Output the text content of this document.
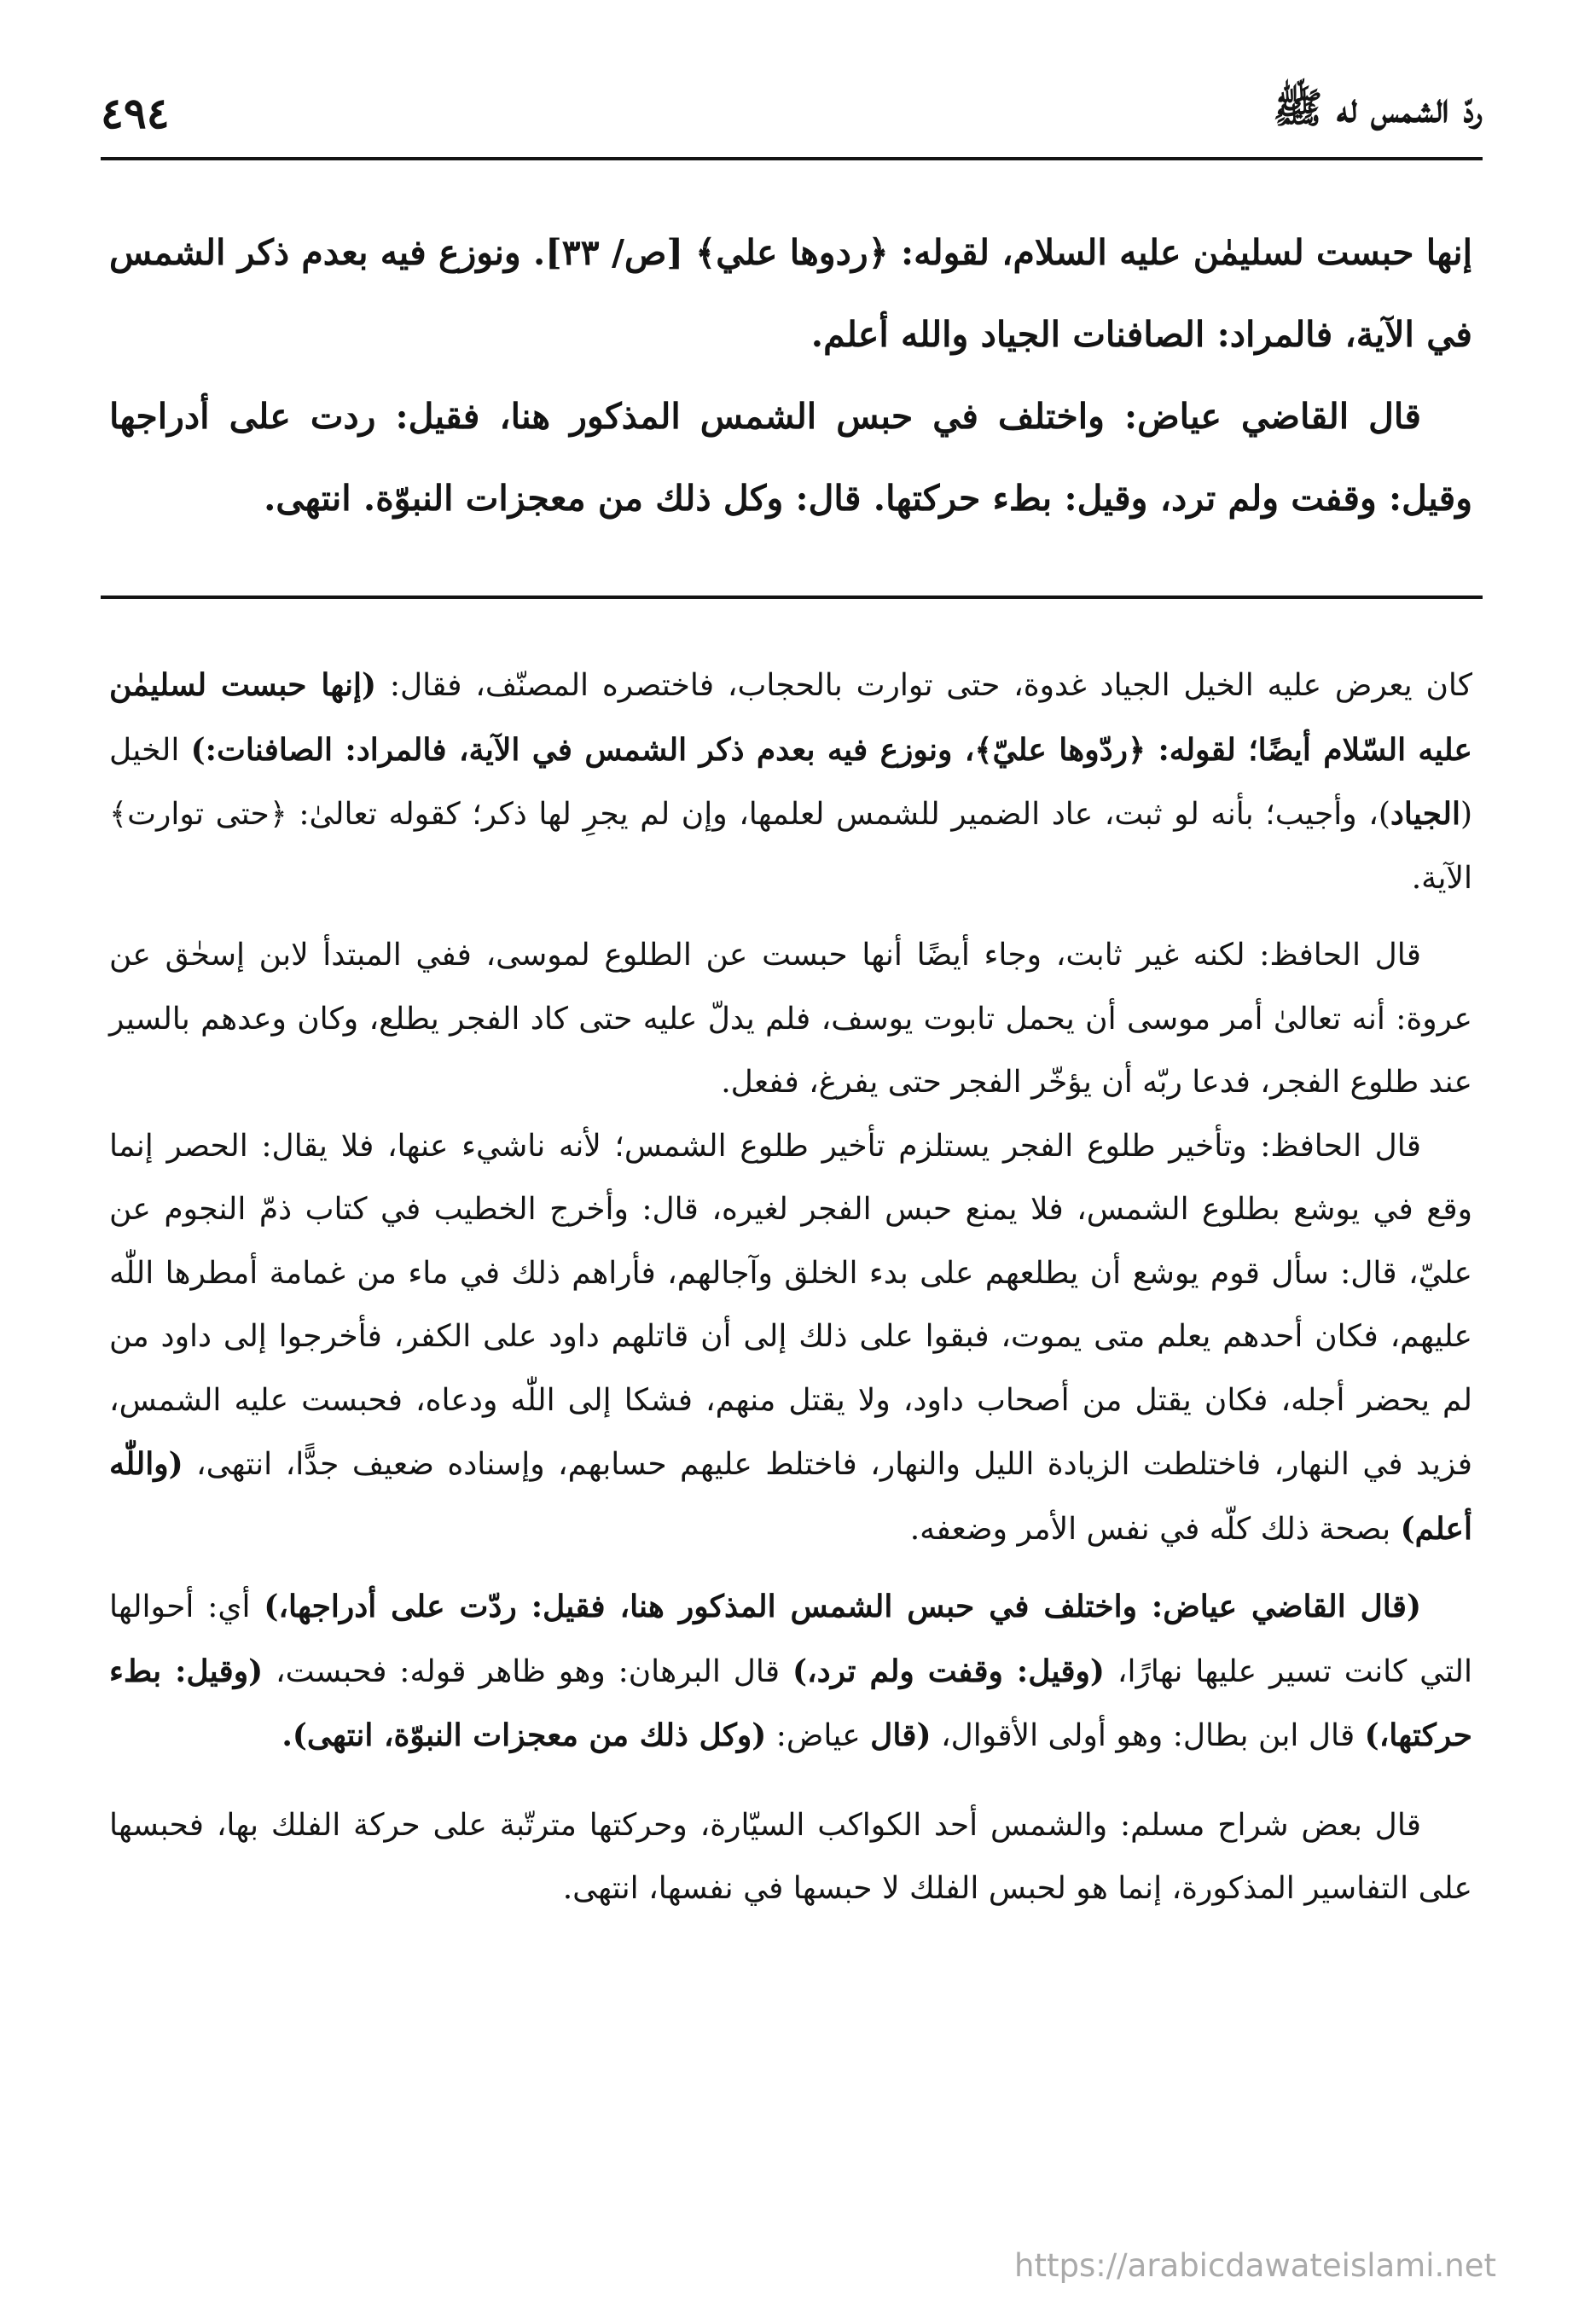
٤٩٤	ردّ الشمس له ﷺ

إنها حبست لسليمٰن عليه السلام، لقوله: ﴿ردوها علي﴾ [ص/ ٣٣]. ونوزع فيه بعدم ذكر الشمس في الآية، فالمراد: الصافنات الجياد والله أعلم.

قال القاضي عياض: واختلف في حبس الشمس المذكور هنا، فقيل: ردت على أدراجها وقيل: وقفت ولم ترد، وقيل: بطء حركتها. قال: وكل ذلك من معجزات النبوّة. انتهى.

كان يعرض عليه الخيل الجياد غدوة، حتى توارت بالحجاب، فاختصره المصنّف، فقال: (إنها حبست لسليمٰن عليه السّلام أيضًا؛ لقوله: ﴿ردّوها عليّ﴾، ونوزع فيه بعدم ذكر الشمس في الآية، فالمراد: الصافنات:) الخيل (الجياد)، وأجيب؛ بأنه لو ثبت، عاد الضمير للشمس لعلمها، وإن لم يجرِ لها ذكر؛ كقوله تعالىٰ: ﴿حتى توارت﴾ الآية.

قال الحافظ: لكنه غير ثابت، وجاء أيضًا أنها حبست عن الطلوع لموسى، ففي المبتدأ لابن إسحٰق عن عروة: أنه تعالىٰ أمر موسى أن يحمل تابوت يوسف، فلم يدلّ عليه حتى كاد الفجر يطلع، وكان وعدهم بالسير عند طلوع الفجر، فدعا ربّه أن يؤخّر الفجر حتى يفرغ، ففعل.

قال الحافظ: وتأخير طلوع الفجر يستلزم تأخير طلوع الشمس؛ لأنه ناشيء عنها، فلا يقال: الحصر إنما وقع في يوشع بطلوع الشمس، فلا يمنع حبس الفجر لغيره، قال: وأخرج الخطيب في كتاب ذمّ النجوم عن عليّ، قال: سأل قوم يوشع أن يطلعهم على بدء الخلق وآجالهم، فأراهم ذلك في ماء من غمامة أمطرها اللّٰه عليهم، فكان أحدهم يعلم متى يموت، فبقوا على ذلك إلى أن قاتلهم داود على الكفر، فأخرجوا إلى داود من لم يحضر أجله، فكان يقتل من أصحاب داود، ولا يقتل منهم، فشكا إلى اللّٰه ودعاه، فحبست عليه الشمس، فزيد في النهار، فاختلطت الزيادة الليل والنهار، فاختلط عليهم حسابهم، وإسناده ضعيف جدًّا، انتهى، (واللّٰه أعلم) بصحة ذلك كلّه في نفس الأمر وضعفه.

(قال القاضي عياض: واختلف في حبس الشمس المذكور هنا، فقيل: ردّت على أدراجها،) أي: أحوالها التي كانت تسير عليها نهارًا، (وقيل: وقفت ولم ترد،) قال البرهان: وهو ظاهر قوله: فحبست، (وقيل: بطء حركتها،) قال ابن بطال: وهو أولى الأقوال، (قال عياض: (وكل ذلك من معجزات النبوّة، انتهى).

قال بعض شراح مسلم: والشمس أحد الكواكب السيّارة، وحركتها مترتّبة على حركة الفلك بها، فحبسها على التفاسير المذكورة، إنما هو لحبس الفلك لا حبسها في نفسها، انتهى.

https://arabicdawateislami.net
